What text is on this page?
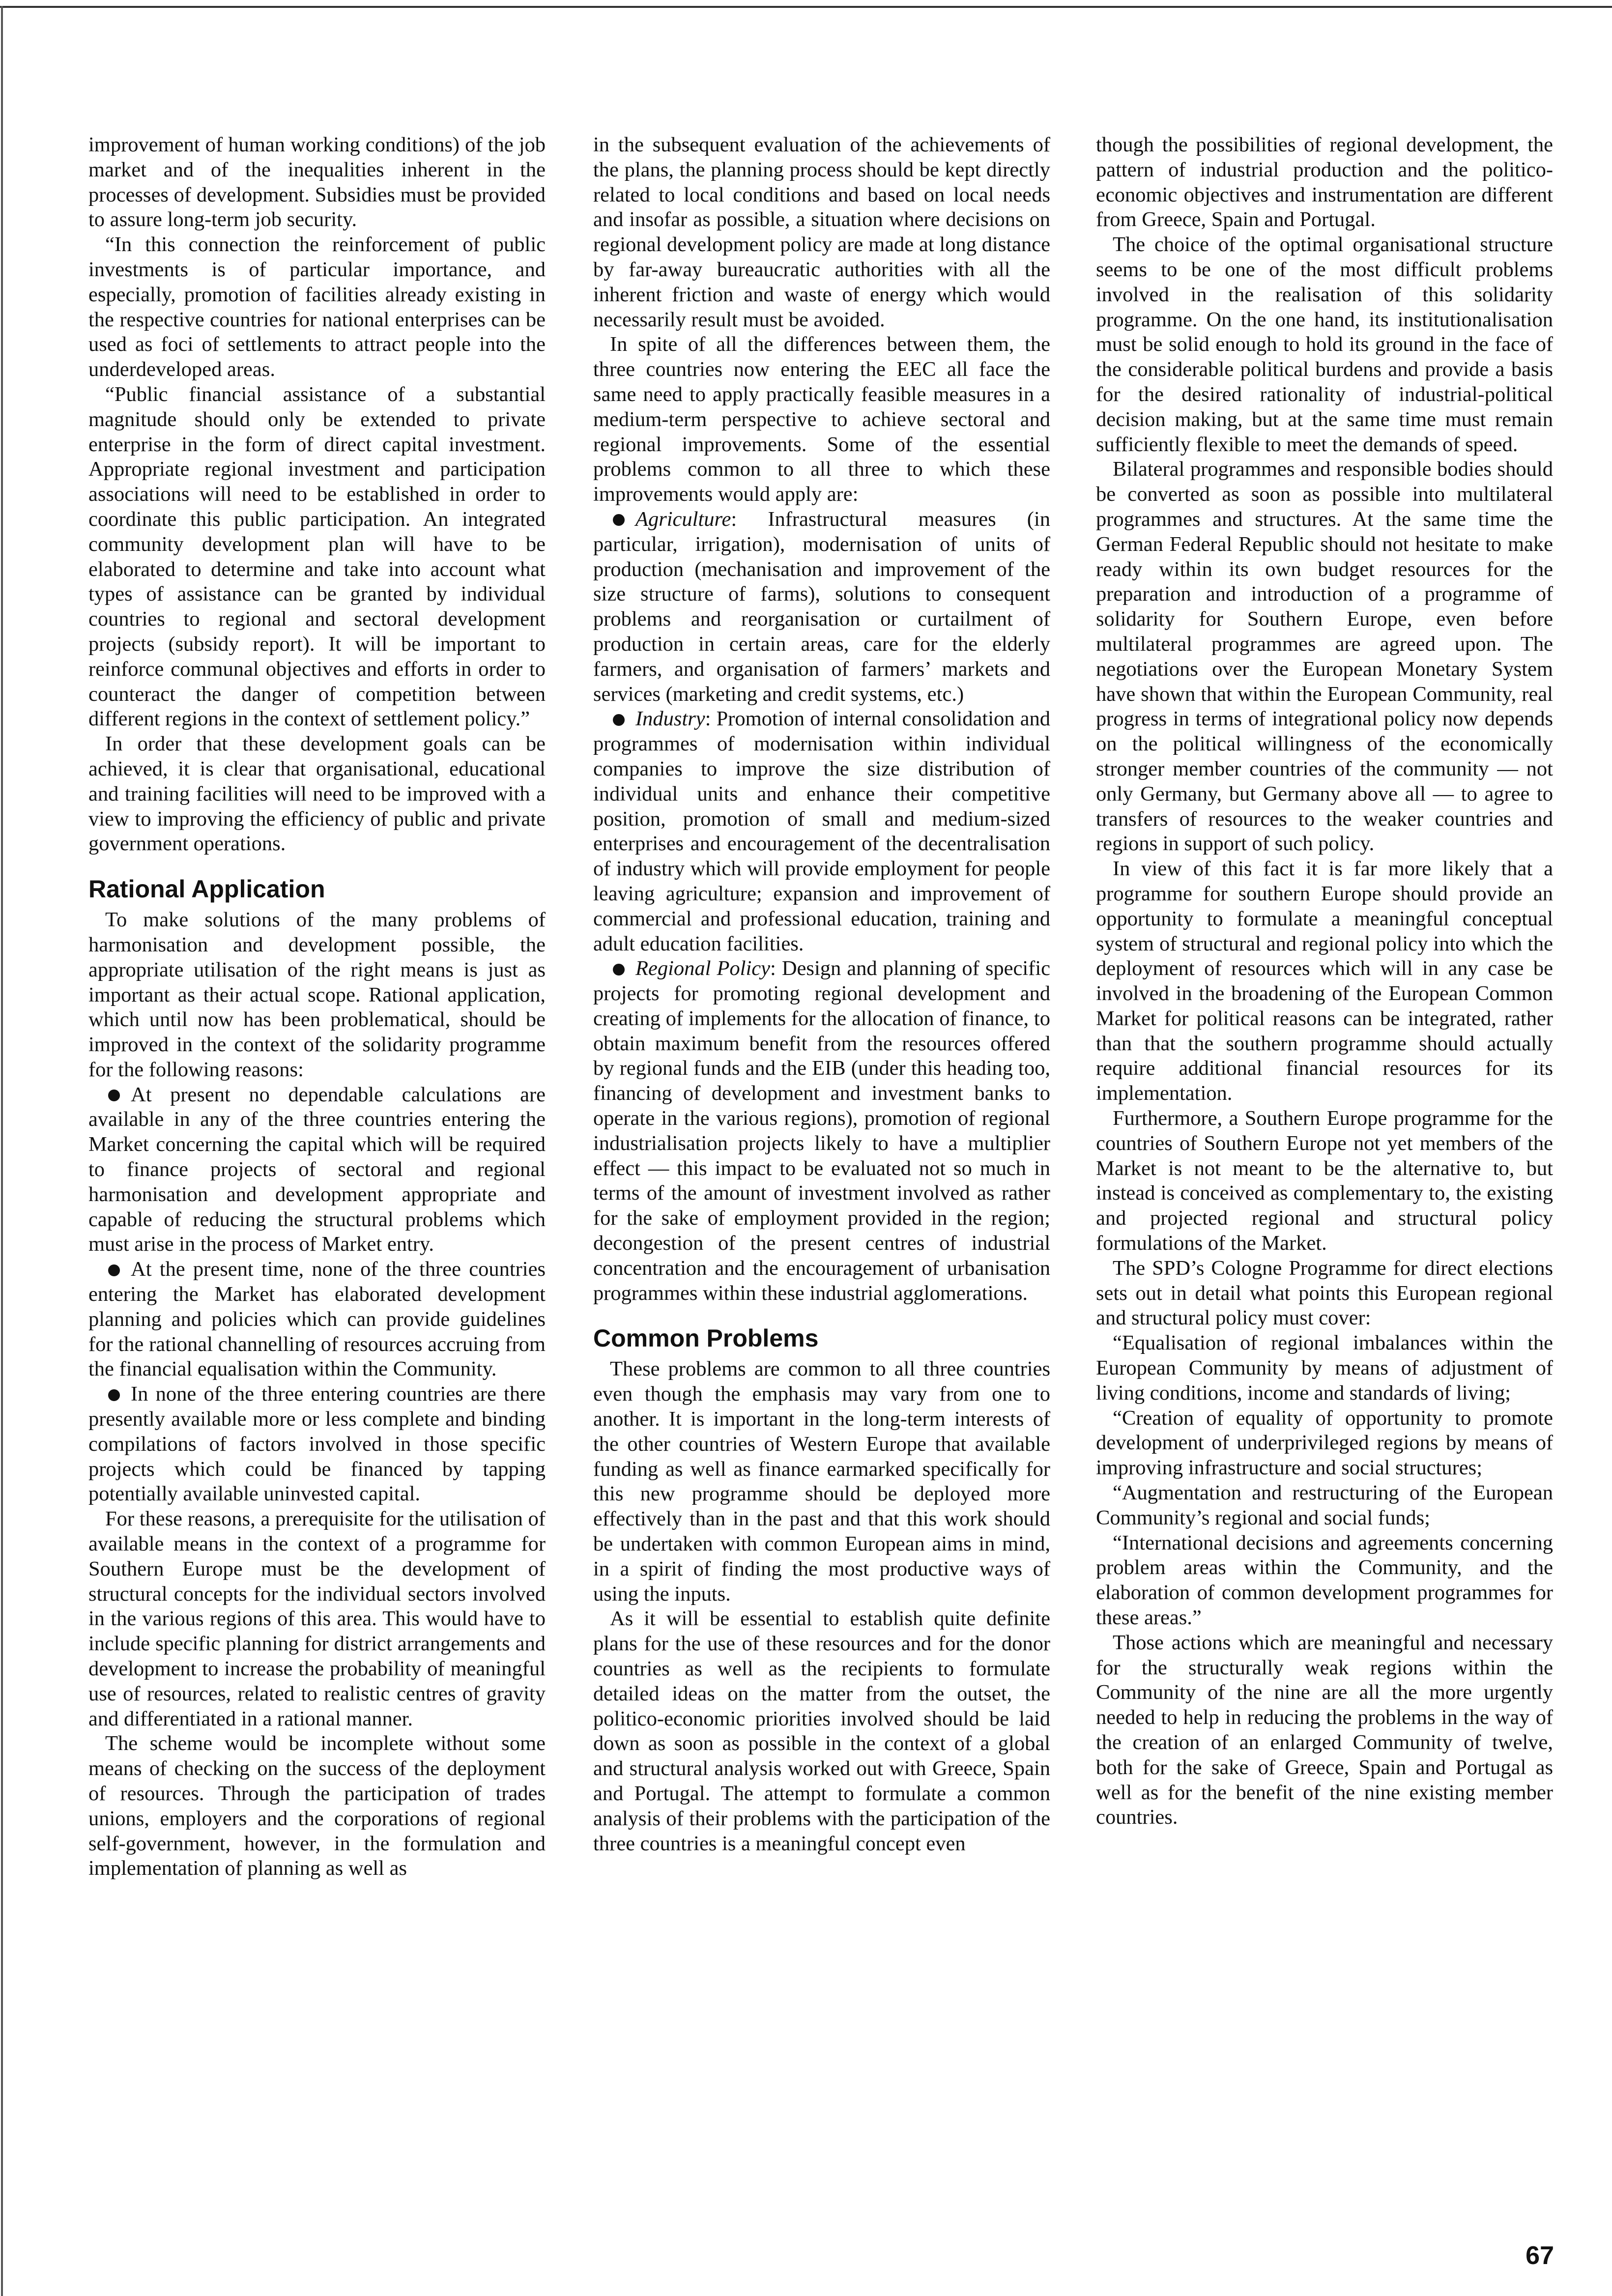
improvement of human working conditions) of the job market and of the inequalities inherent in the processes of development. Subsidies must be provided to assure long-term job security.

“In this connection the reinforcement of public investments is of particular importance, and especially, promotion of facilities already existing in the respective countries for national enterprises can be used as foci of settlements to attract people into the underdeveloped areas.

“Public financial assistance of a substantial magnitude should only be extended to private enterprise in the form of direct capital investment. Appropriate regional investment and participation associations will need to be established in order to coordinate this public participation. An integrated community development plan will have to be elaborated to determine and take into account what types of assistance can be granted by individual countries to regional and sectoral development projects (subsidy report). It will be important to reinforce communal objectives and efforts in order to counteract the danger of competition between different regions in the context of settlement policy.”

In order that these development goals can be achieved, it is clear that organisational, educational and training facilities will need to be improved with a view to improving the efficiency of public and private government operations.

Rational Application

To make solutions of the many problems of harmonisation and development possible, the appropriate utilisation of the right means is just as important as their actual scope. Rational application, which until now has been problematical, should be improved in the context of the solidarity programme for the following reasons:

At present no dependable calculations are available in any of the three countries entering the Market concerning the capital which will be required to finance projects of sectoral and regional harmonisation and development appropriate and capable of reducing the structural problems which must arise in the process of Market entry.

At the present time, none of the three countries entering the Market has elaborated development planning and policies which can provide guidelines for the rational channelling of resources accruing from the financial equalisation within the Community.

In none of the three entering countries are there presently available more or less complete and binding compilations of factors involved in those specific projects which could be financed by tapping potentially available uninvested capital.

For these reasons, a prerequisite for the utilisation of available means in the context of a programme for Southern Europe must be the development of structural concepts for the individual sectors involved in the various regions of this area. This would have to include specific planning for district arrangements and development to increase the probability of meaningful use of resources, related to realistic centres of gravity and differentiated in a rational manner.

The scheme would be incomplete without some means of checking on the success of the deployment of resources. Through the participation of trades unions, employers and the corporations of regional self-government, however, in the formulation and implementation of planning as well as

in the subsequent evaluation of the achievements of the plans, the planning process should be kept directly related to local conditions and based on local needs and insofar as possible, a situation where decisions on regional development policy are made at long distance by far-away bureaucratic authorities with all the inherent friction and waste of energy which would necessarily result must be avoided.

In spite of all the differences between them, the three countries now entering the EEC all face the same need to apply practically feasible measures in a medium-term perspective to achieve sectoral and regional improvements. Some of the essential problems common to all three to which these improvements would apply are:

Agriculture: Infrastructural measures (in particular, irrigation), modernisation of units of production (mechanisation and improvement of the size structure of farms), solutions to consequent problems and reorganisation or curtailment of production in certain areas, care for the elderly farmers, and organisation of farmers’ markets and services (marketing and credit systems, etc.)

Industry: Promotion of internal consolidation and programmes of modernisation within individual companies to improve the size distribution of individual units and enhance their competitive position, promotion of small and medium-sized enterprises and encouragement of the decentralisation of industry which will provide employment for people leaving agriculture; expansion and improvement of commercial and professional education, training and adult education facilities.

Regional Policy: Design and planning of specific projects for promoting regional development and creating of implements for the allocation of finance, to obtain maximum benefit from the resources offered by regional funds and the EIB (under this heading too, financing of development and investment banks to operate in the various regions), promotion of regional industrialisation projects likely to have a multiplier effect — this impact to be evaluated not so much in terms of the amount of investment involved as rather for the sake of employment provided in the region; decongestion of the present centres of industrial concentration and the encouragement of urbanisation programmes within these industrial agglomerations.

Common Problems

These problems are common to all three countries even though the emphasis may vary from one to another. It is important in the long-term interests of the other countries of Western Europe that available funding as well as finance earmarked specifically for this new programme should be deployed more effectively than in the past and that this work should be undertaken with common European aims in mind, in a spirit of finding the most productive ways of using the inputs.

As it will be essential to establish quite definite plans for the use of these resources and for the donor countries as well as the recipients to formulate detailed ideas on the matter from the outset, the politico-economic priorities involved should be laid down as soon as possible in the context of a global and structural analysis worked out with Greece, Spain and Portugal. The attempt to formulate a common analysis of their problems with the participation of the three countries is a meaningful concept even

though the possibilities of regional development, the pattern of industrial production and the politico-economic objectives and instrumentation are different from Greece, Spain and Portugal.

The choice of the optimal organisational structure seems to be one of the most difficult problems involved in the realisation of this solidarity programme. On the one hand, its institutionalisation must be solid enough to hold its ground in the face of the considerable political burdens and provide a basis for the desired rationality of industrial-political decision making, but at the same time must remain sufficiently flexible to meet the demands of speed.

Bilateral programmes and responsible bodies should be converted as soon as possible into multilateral programmes and structures. At the same time the German Federal Republic should not hesitate to make ready within its own budget resources for the preparation and introduction of a programme of solidarity for Southern Europe, even before multilateral programmes are agreed upon. The negotiations over the European Monetary System have shown that within the European Community, real progress in terms of integrational policy now depends on the political willingness of the economically stronger member countries of the community — not only Germany, but Germany above all — to agree to transfers of resources to the weaker countries and regions in support of such policy.

In view of this fact it is far more likely that a programme for southern Europe should provide an opportunity to formulate a meaningful conceptual system of structural and regional policy into which the deployment of resources which will in any case be involved in the broadening of the European Common Market for political reasons can be integrated, rather than that the southern programme should actually require additional financial resources for its implementation.

Furthermore, a Southern Europe programme for the countries of Southern Europe not yet members of the Market is not meant to be the alternative to, but instead is conceived as complementary to, the existing and projected regional and structural policy formulations of the Market.

The SPD’s Cologne Programme for direct elections sets out in detail what points this European regional and structural policy must cover:

“Equalisation of regional imbalances within the European Community by means of adjustment of living conditions, income and standards of living;

“Creation of equality of opportunity to promote development of underprivileged regions by means of improving infrastructure and social structures;

“Augmentation and restructuring of the European Community’s regional and social funds;

“International decisions and agreements concerning problem areas within the Community, and the elaboration of common development programmes for these areas.”

Those actions which are meaningful and necessary for the structurally weak regions within the Community of the nine are all the more urgently needed to help in reducing the problems in the way of the creation of an enlarged Community of twelve, both for the sake of Greece, Spain and Portugal as well as for the benefit of the nine existing member countries.

67
